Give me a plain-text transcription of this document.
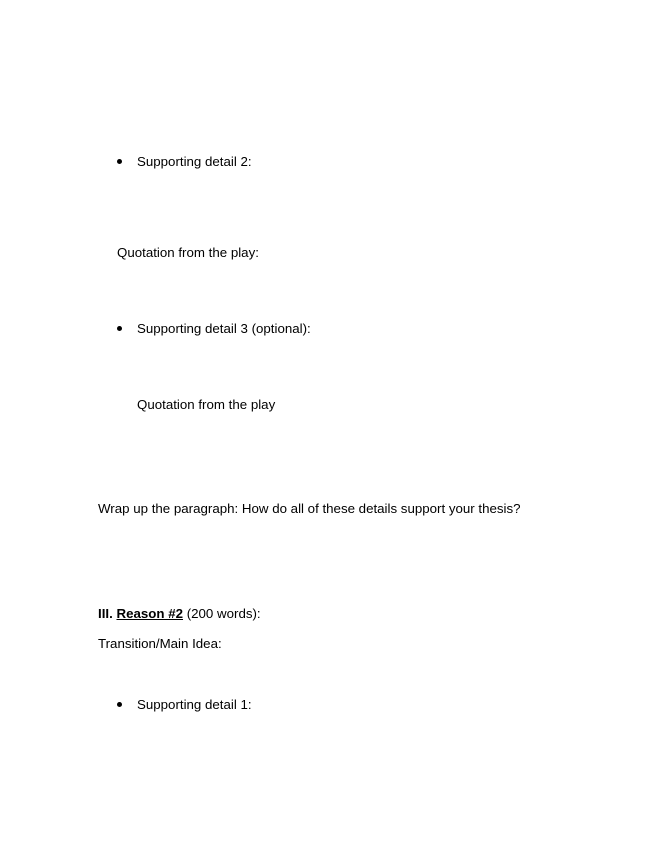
Supporting detail 2:
Quotation from the play:
Supporting detail 3 (optional):
Quotation from the play
Wrap up the paragraph: How do all of these details support your thesis?
III. Reason #2 (200 words):
Transition/Main Idea:
Supporting detail 1:
